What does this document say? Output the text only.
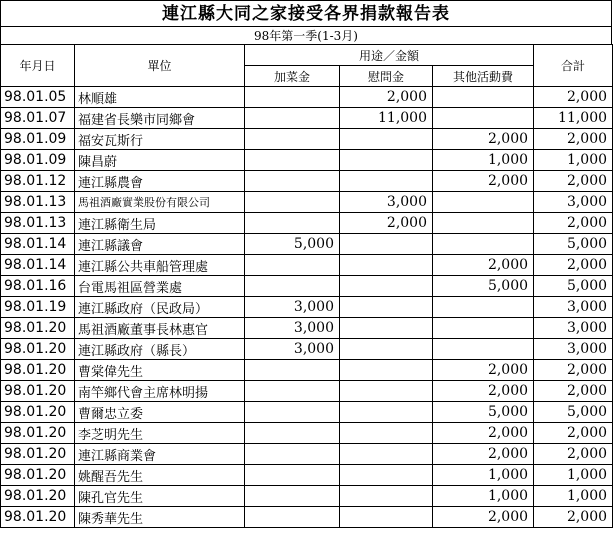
連江縣大同之家接受各界捐款報告表
98年第一季(1-3月)
年月日	單位	用途／金額			合計
		加菜金	慰問金	其他活動費	
98.01.05	林順雄		2,000		2,000
98.01.07	福建省長樂市同鄉會		11,000		11,000
98.01.09	福安瓦斯行			2,000	2,000
98.01.09	陳昌蔚			1,000	1,000
98.01.12	連江縣農會			2,000	2,000
98.01.13	馬祖酒廠實業股份有限公司		3,000		3,000
98.01.13	連江縣衛生局		2,000		2,000
98.01.14	連江縣議會	5,000			5,000
98.01.14	連江縣公共車船管理處			2,000	2,000
98.01.16	台電馬祖區營業處			5,000	5,000
98.01.19	連江縣政府（民政局）	3,000			3,000
98.01.20	馬祖酒廠董事長林惠官	3,000			3,000
98.01.20	連江縣政府（縣長）	3,000			3,000
98.01.20	曹棠偉先生			2,000	2,000
98.01.20	南竿鄉代會主席林明揚			2,000	2,000
98.01.20	曹爾忠立委			5,000	5,000
98.01.20	李芝明先生			2,000	2,000
98.01.20	連江縣商業會			2,000	2,000
98.01.20	姚醒吾先生			1,000	1,000
98.01.20	陳孔官先生			1,000	1,000
98.01.20	陳秀華先生			2,000	2,000
